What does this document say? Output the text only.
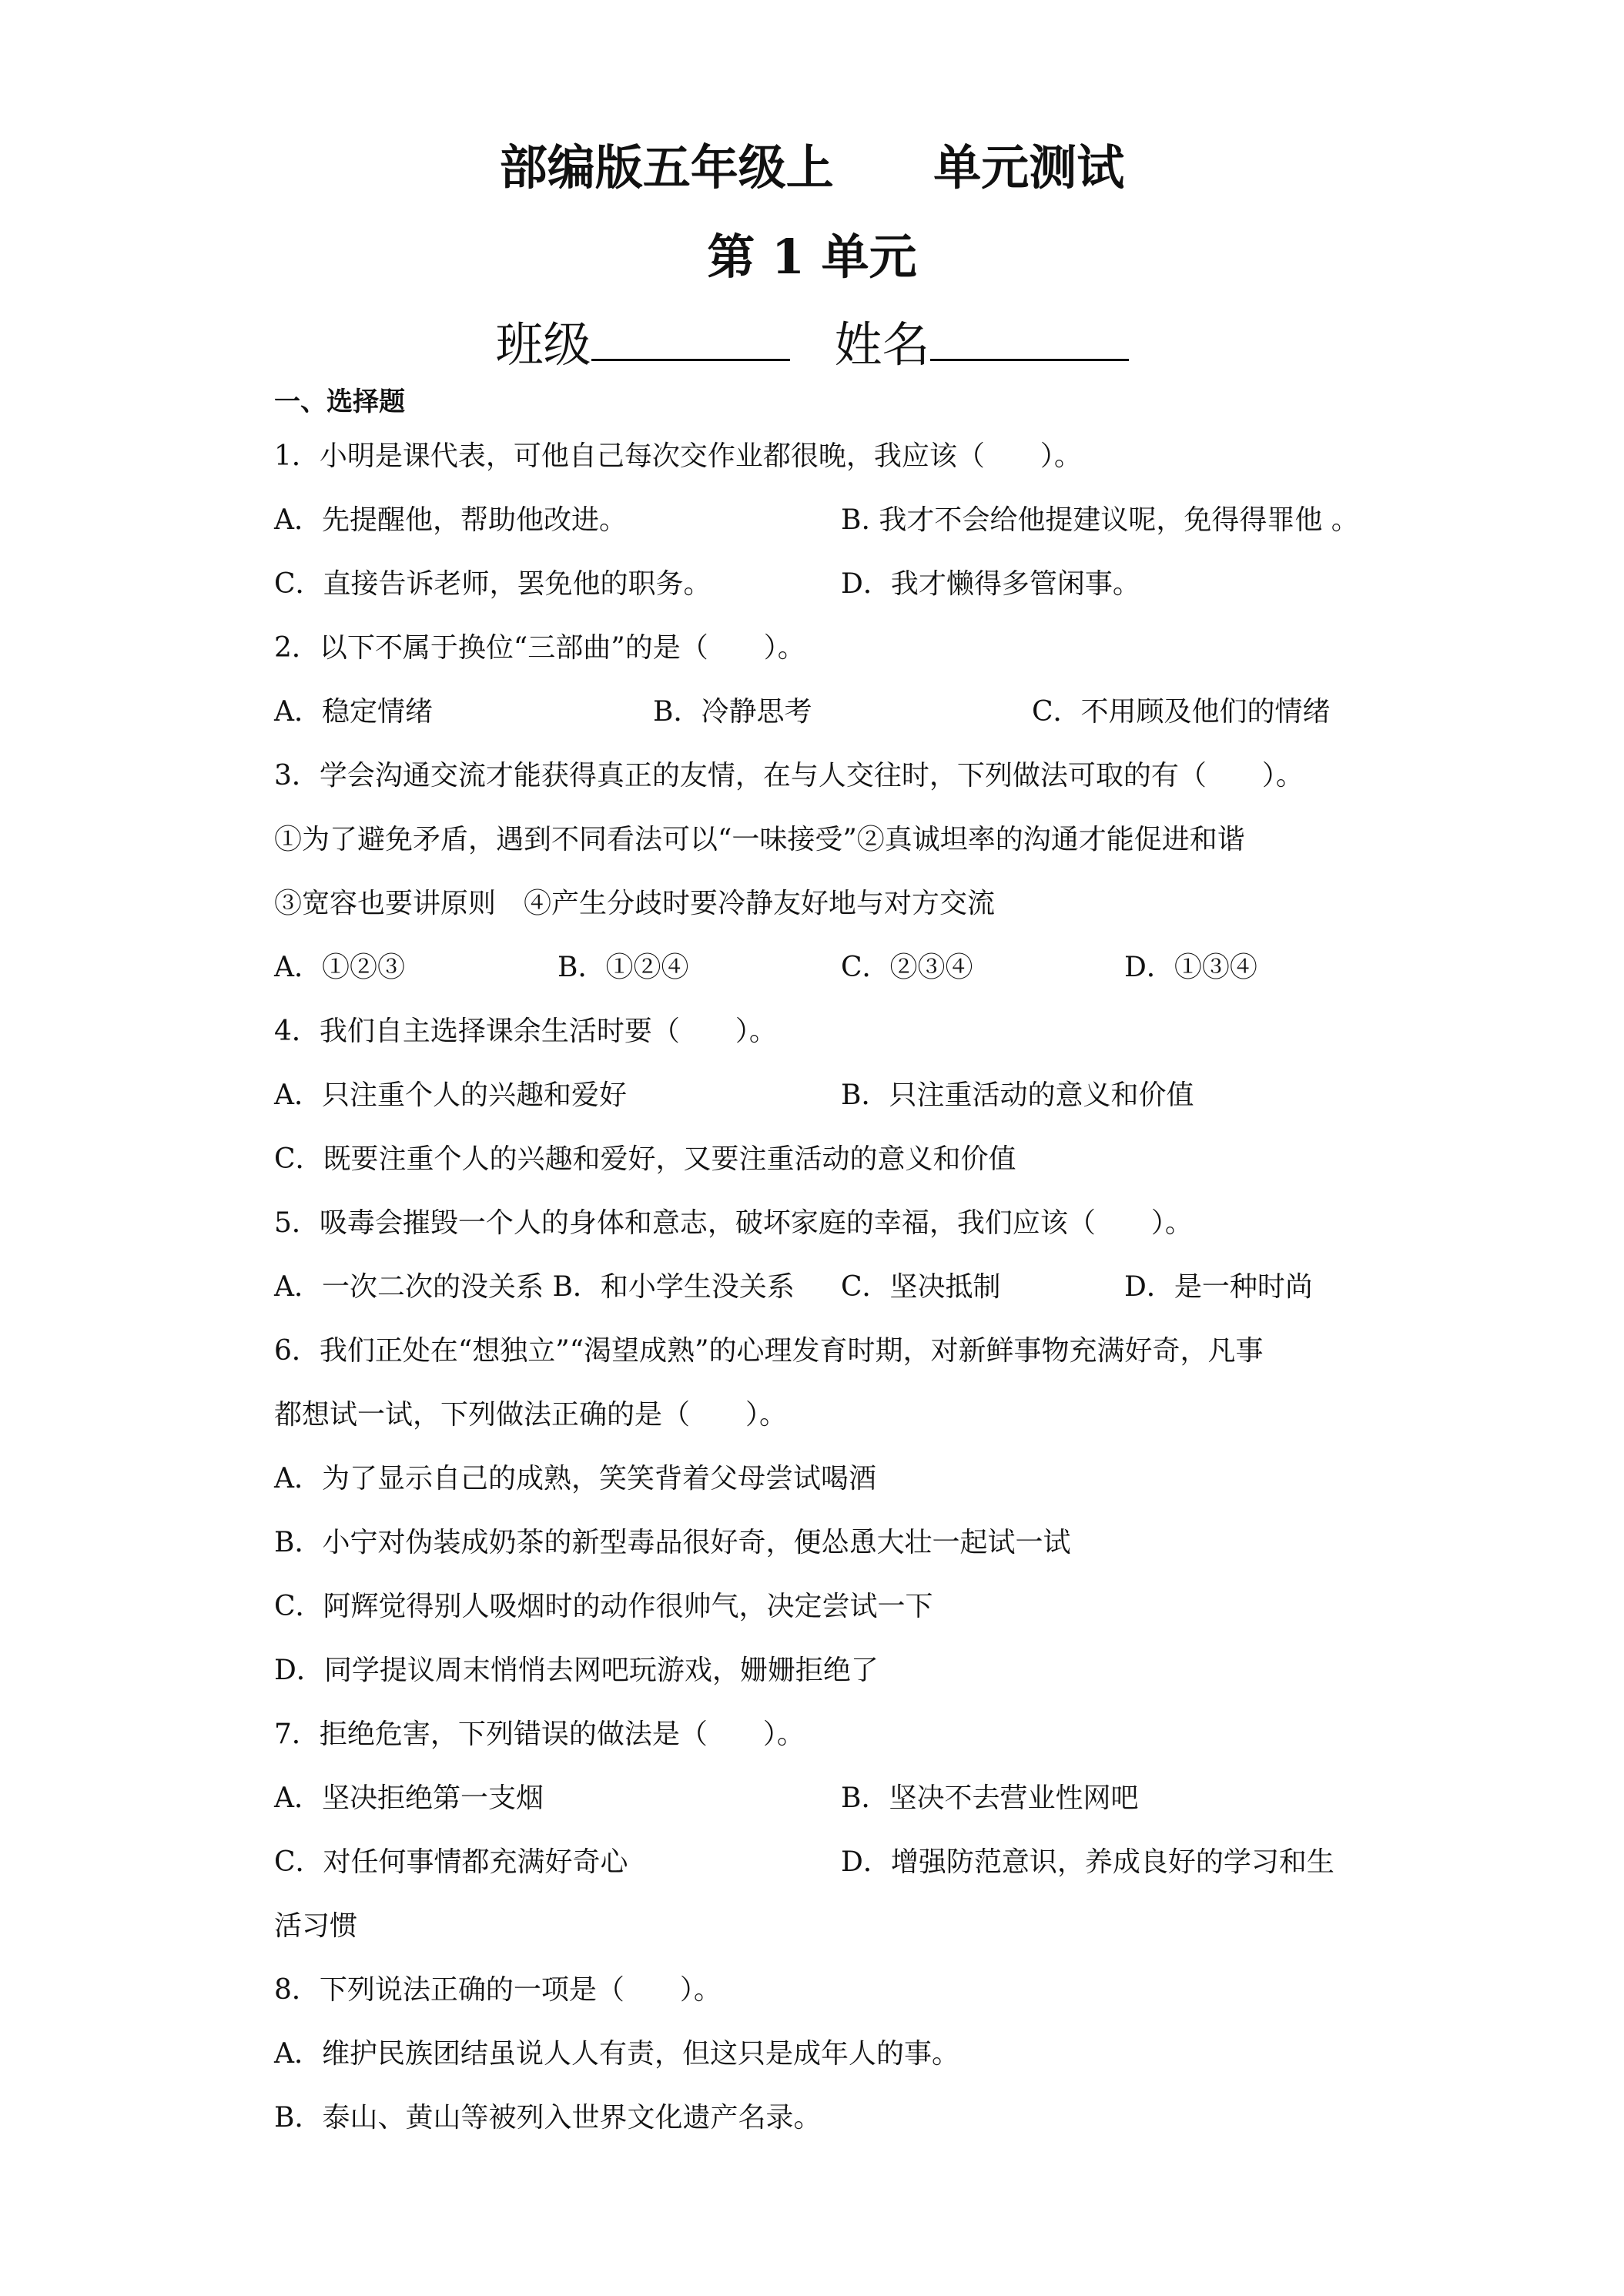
部编版五年级上 单元测试
第 1 单元
班级	姓名
一、选择题
1．小明是课代表，可他自己每次交作业都很晚，我应该（　　）。
A．先提醒他，帮助他改进。	B. 我才不会给他提建议呢，免得得罪他 。
C．直接告诉老师，罢免他的职务。	D．我才懒得多管闲事。
2．以下不属于换位“三部曲”的是（　　）。
A．稳定情绪	B．冷静思考	C．不用顾及他们的情绪
3．学会沟通交流才能获得真正的友情，在与人交往时，下列做法可取的有（　　）。
①为了避免矛盾，遇到不同看法可以“一味接受”②真诚坦率的沟通才能促进和谐
③宽容也要讲原则　④产生分歧时要冷静友好地与对方交流
A．①②③	B．①②④	C．②③④	D．①③④
4．我们自主选择课余生活时要（　　）。
A．只注重个人的兴趣和爱好	B．只注重活动的意义和价值
C．既要注重个人的兴趣和爱好，又要注重活动的意义和价值
5．吸毒会摧毁一个人的身体和意志，破坏家庭的幸福，我们应该（　　）。
A．一次二次的没关系 B．和小学生没关系 C．坚决抵制	D．是一种时尚
6．我们正处在“想独立”“渴望成熟”的心理发育时期，对新鲜事物充满好奇，凡事
都想试一试，下列做法正确的是（　　）。
A．为了显示自己的成熟，笑笑背着父母尝试喝酒
B．小宁对伪装成奶茶的新型毒品很好奇，便怂恿大壮一起试一试
C．阿辉觉得别人吸烟时的动作很帅气，决定尝试一下
D．同学提议周末悄悄去网吧玩游戏，姗姗拒绝了
7．拒绝危害，下列错误的做法是（　　）。
A．坚决拒绝第一支烟	B．坚决不去营业性网吧
C．对任何事情都充满好奇心	D．增强防范意识，养成良好的学习和生
活习惯
8．下列说法正确的一项是（　　）。
A．维护民族团结虽说人人有责，但这只是成年人的事。
B．泰山、黄山等被列入世界文化遗产名录。
